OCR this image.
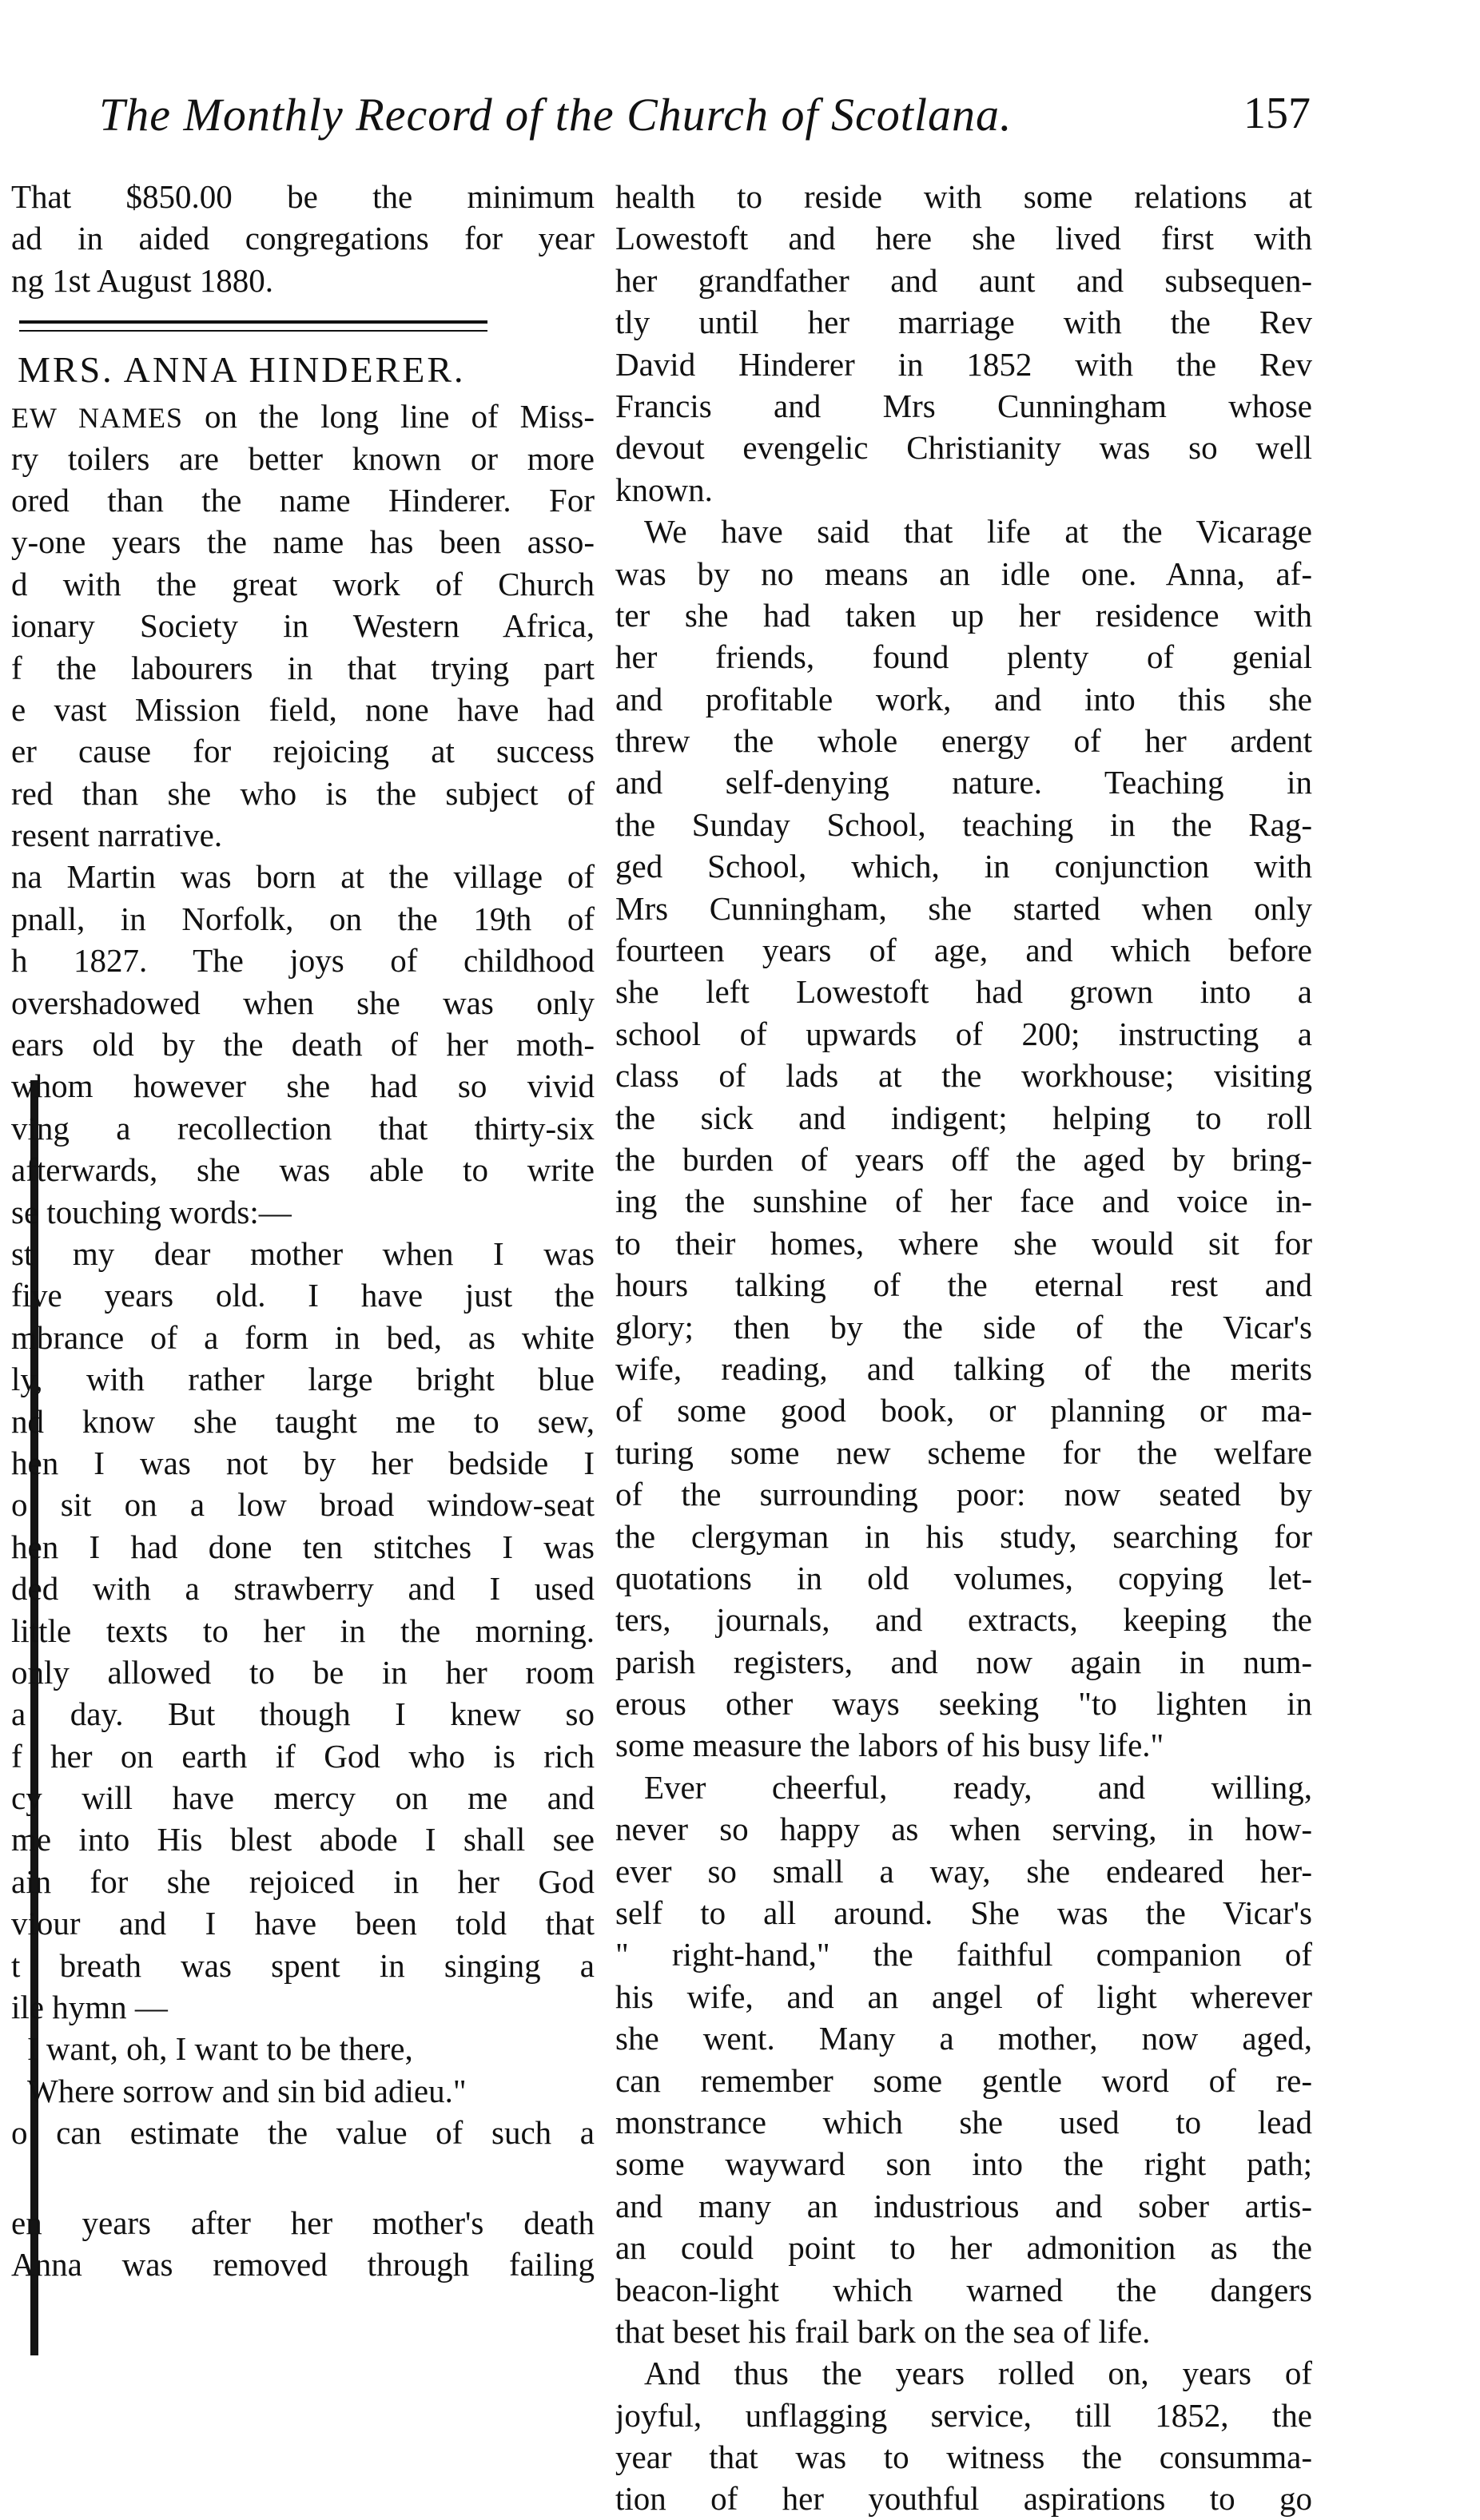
The Monthly Record of the Church of Scotlana.	157
That $850.00 be the minimum
ad in aided congregations for year
ng 1st August 1880.
MRS. ANNA HINDERER.
EW NAMES on the long line of Miss-
ry toilers are better known or more
ored than the name Hinderer. For
y-one years the name has been asso-
d with the great work of Church
ionary Society in Western Africa,
f the labourers in that trying part
e vast Mission field, none have had
er cause for rejoicing at success
red than she who is the subject of
resent narrative.
na Martin was born at the village of
pnall, in Norfolk, on the 19th of
h 1827. The joys of childhood
overshadowed when she was only
ears old by the death of her moth-
whom however she had so vivid
ving a recollection that thirty-six
afterwards, she was able to write
se touching words:—
st my dear mother when I was
five years old. I have just the
mbrance of a form in bed, as white
ly, with rather large bright blue
nd know she taught me to sew,
hen I was not by her bedside I
o sit on a low broad window-seat
hen I had done ten stitches I was
ded with a strawberry and I used
little texts to her in the morning.
only allowed to be in her room
a day. But though I knew so
f her on earth if God who is rich
cy will have mercy on me and
me into His blest abode I shall see
ain for she rejoiced in her God
viour and I have been told that
t breath was spent in singing a
ile hymn —
I want, oh, I want to be there,
Where sorrow and sin bid adieu."
o can estimate the value of such a
en years after her mother's death
Anna was removed through failing
health to reside with some relations at
Lowestoft and here she lived first with
her grandfather and aunt and subsequen-
tly until her marriage with the Rev
David Hinderer in 1852 with the Rev
Francis and Mrs Cunningham whose
devout evengelic Christianity was so well
known.
We have said that life at the Vicarage
was by no means an idle one. Anna, af-
ter she had taken up her residence with
her friends, found plenty of genial
and profitable work, and into this she
threw the whole energy of her ardent
and self-denying nature. Teaching in
the Sunday School, teaching in the Rag-
ged School, which, in conjunction with
Mrs Cunningham, she started when only
fourteen years of age, and which before
she left Lowestoft had grown into a
school of upwards of 200; instructing a
class of lads at the workhouse; visiting
the sick and indigent; helping to roll
the burden of years off the aged by bring-
ing the sunshine of her face and voice in-
to their homes, where she would sit for
hours talking of the eternal rest and
glory; then by the side of the Vicar's
wife, reading, and talking of the merits
of some good book, or planning or ma-
turing some new scheme for the welfare
of the surrounding poor: now seated by
the clergyman in his study, searching for
quotations in old volumes, copying let-
ters, journals, and extracts, keeping the
parish registers, and now again in num-
erous other ways seeking "to lighten in
some measure the labors of his busy life."
Ever cheerful, ready, and willing,
never so happy as when serving, in how-
ever so small a way, she endeared her-
self to all around. She was the Vicar's
" right-hand," the faithful companion of
his wife, and an angel of light wherever
she went. Many a mother, now aged,
can remember some gentle word of re-
monstrance which she used to lead
some wayward son into the right path;
and many an industrious and sober artis-
an could point to her admonition as the
beacon-light which warned the dangers
that beset his frail bark on the sea of life.
And thus the years rolled on, years of
joyful, unflagging service, till 1852, the
year that was to witness the consumma-
tion of her youthful aspirations to go
